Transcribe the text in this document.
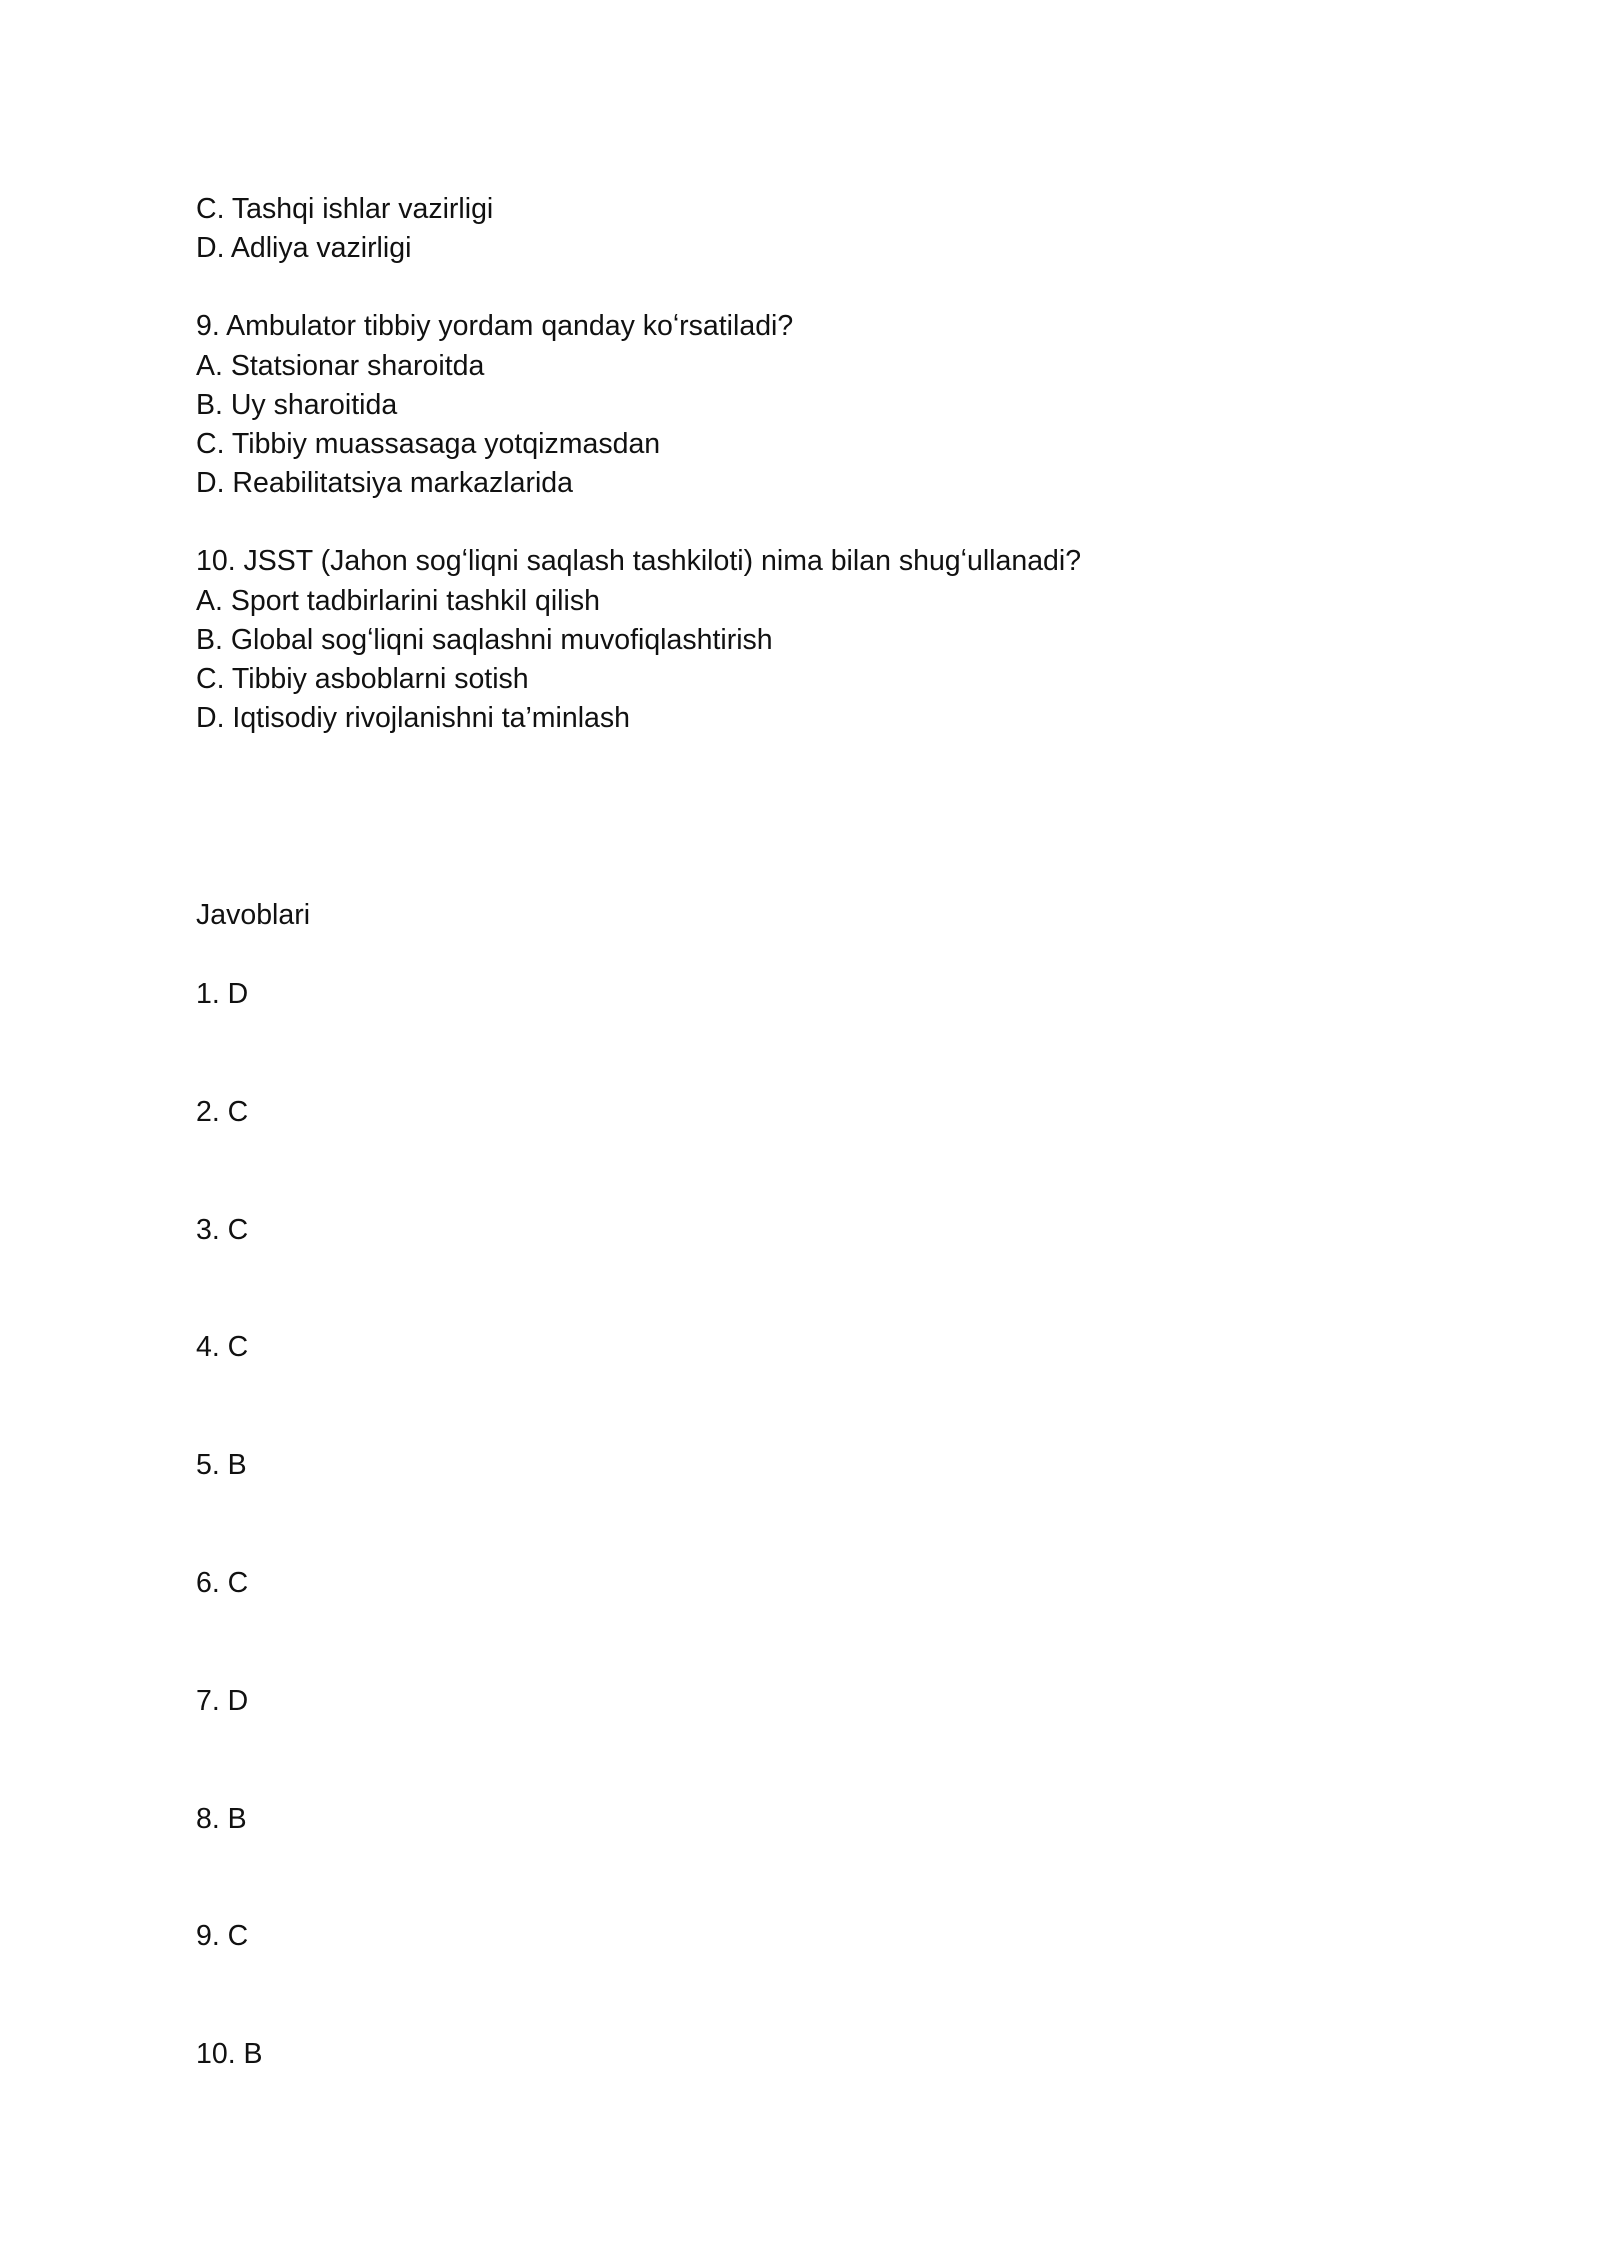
C. Tashqi ishlar vazirligi

D. Adliya vazirligi

9. Ambulator tibbiy yordam qanday koʻrsatiladi?

A. Statsionar sharoitda

B. Uy sharoitida

C. Tibbiy muassasaga yotqizmasdan

D. Reabilitatsiya markazlarida

10. JSST (Jahon sogʻliqni saqlash tashkiloti) nima bilan shugʻullanadi?

A. Sport tadbirlarini tashkil qilish

B. Global sogʻliqni saqlashni muvofiqlashtirish

C. Tibbiy asboblarni sotish

D. Iqtisodiy rivojlanishni ta’minlash

Javoblari

1. D
2. C
3. C
4. C
5. B
6. C
7. D
8. B
9. C
10. B
